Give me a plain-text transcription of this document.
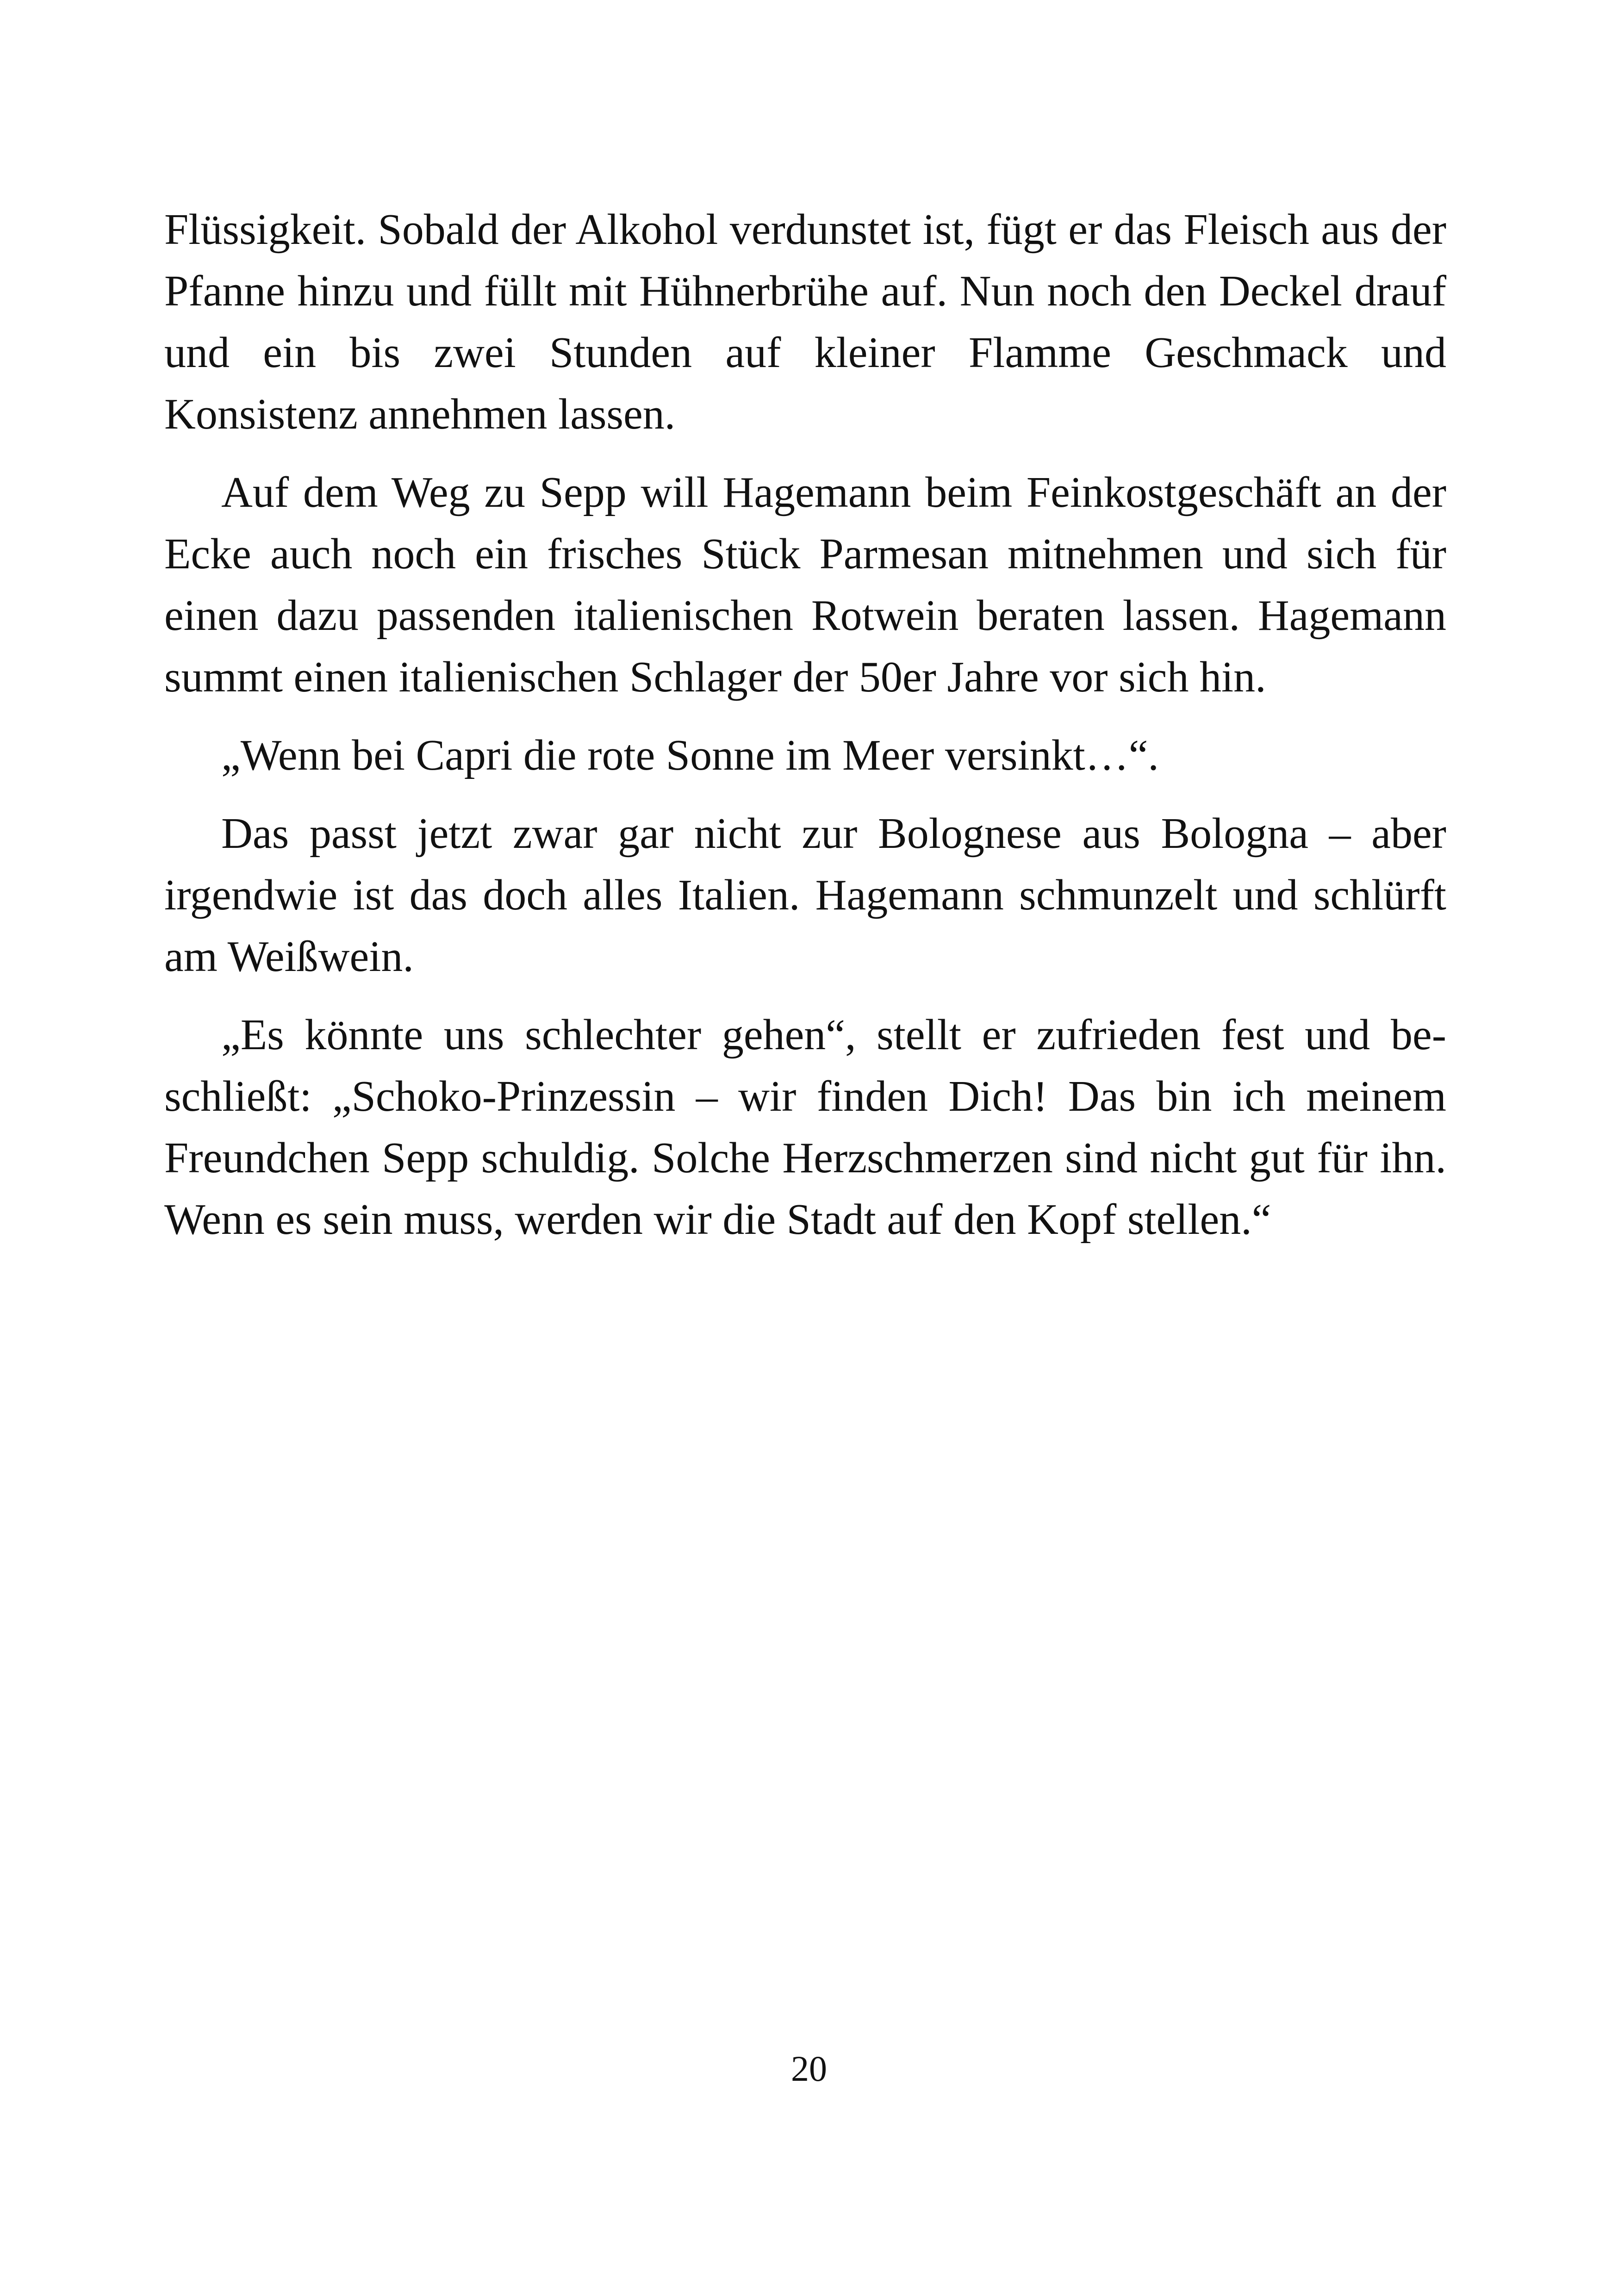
Flüssigkeit. Sobald der Alkohol verdunstet ist, fügt er das Fleisch aus der Pfanne hinzu und füllt mit Hühnerbrühe auf. Nun noch den Deckel drauf und ein bis zwei Stunden auf kleiner Flamme Geschmack und Konsistenz annehmen lassen.

Auf dem Weg zu Sepp will Hagemann beim Feinkostgeschäft an der Ecke auch noch ein frisches Stück Parmesan mitnehmen und sich für einen dazu passenden italienischen Rotwein beraten lassen. Hagemann summt einen italienischen Schlager der 50er Jahre vor sich hin.

„Wenn bei Capri die rote Sonne im Meer versinkt…“.

Das passt jetzt zwar gar nicht zur Bolognese aus Bologna – aber irgendwie ist das doch alles Italien. Hagemann schmunzelt und schlürft am Weißwein.

„Es könnte uns schlechter gehen“, stellt er zufrieden fest und beschließt: „Schoko-Prinzessin – wir finden Dich! Das bin ich meinem Freundchen Sepp schuldig. Solche Herzschmerzen sind nicht gut für ihn. Wenn es sein muss, werden wir die Stadt auf den Kopf stellen.“

20
